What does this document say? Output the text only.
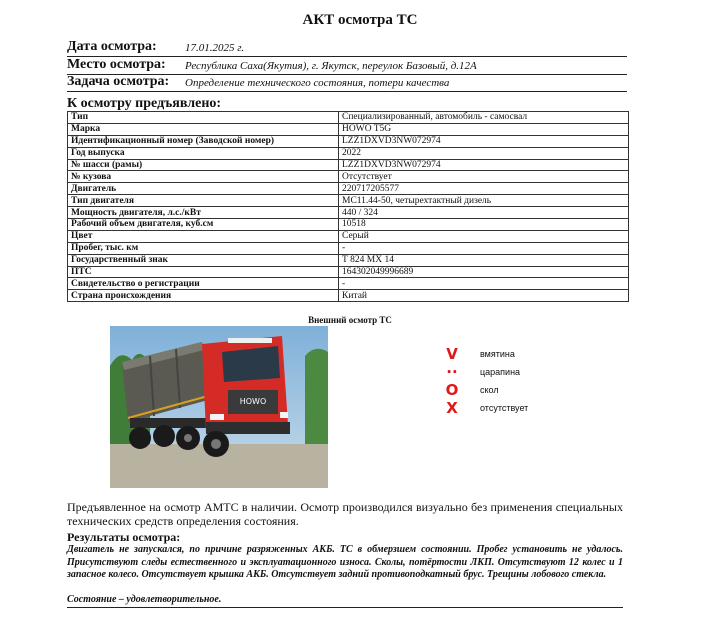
АКТ осмотра ТС
Дата осмотра:	17.01.2025 г.
Место осмотра: Республика Саха(Якутия), г. Якутск, переулок Базовый, д.12А
Задача осмотра: Определение технического состояния, потери качества
К осмотру предъявлено:
Тип	Специализированный, автомобиль - самосвал
Марка	HOWO T5G
Идентификационный номер (Заводской номер)	LZZ1DXVD3NW072974
Год выпуска	2022
№ шасси (рамы)	LZZ1DXVD3NW072974
№ кузова	Отсутствует
Двигатель	220717205577
Тип двигателя	MC11.44-50, четырехтактный дизель
Мощность двигателя, л.с./кВт	440 / 324
Рабочий объем двигателя, куб.см	10518
Цвет	Серый
Пробег, тыс. км	-
Государственный знак	Т 824 МХ 14
ПТС	164302049996689
Свидетельство о регистрации	-
Страна происхождения	Китай
Внешний осмотр ТС
HOWO
V вмятина
·· царапина
O скол
X отсутствует
Предъявленное на осмотр АМТС в наличии. Осмотр производился визуально без применения специальных технических средств определения состояния.
Результаты осмотра:
Двигатель не запускался, по причине разряженных АКБ. ТС в обмерзшем состоянии. Пробег установить не удалось. Присутствуют следы естественного и эксплуатационного износа. Сколы, потёртости ЛКП. Отсутствуют 12 колес и 1 запасное колесо. Отсутствует крышка АКБ. Отсутствует задний противоподкатный брус. Трещины лобового стекла.
Состояние – удовлетворительное.
